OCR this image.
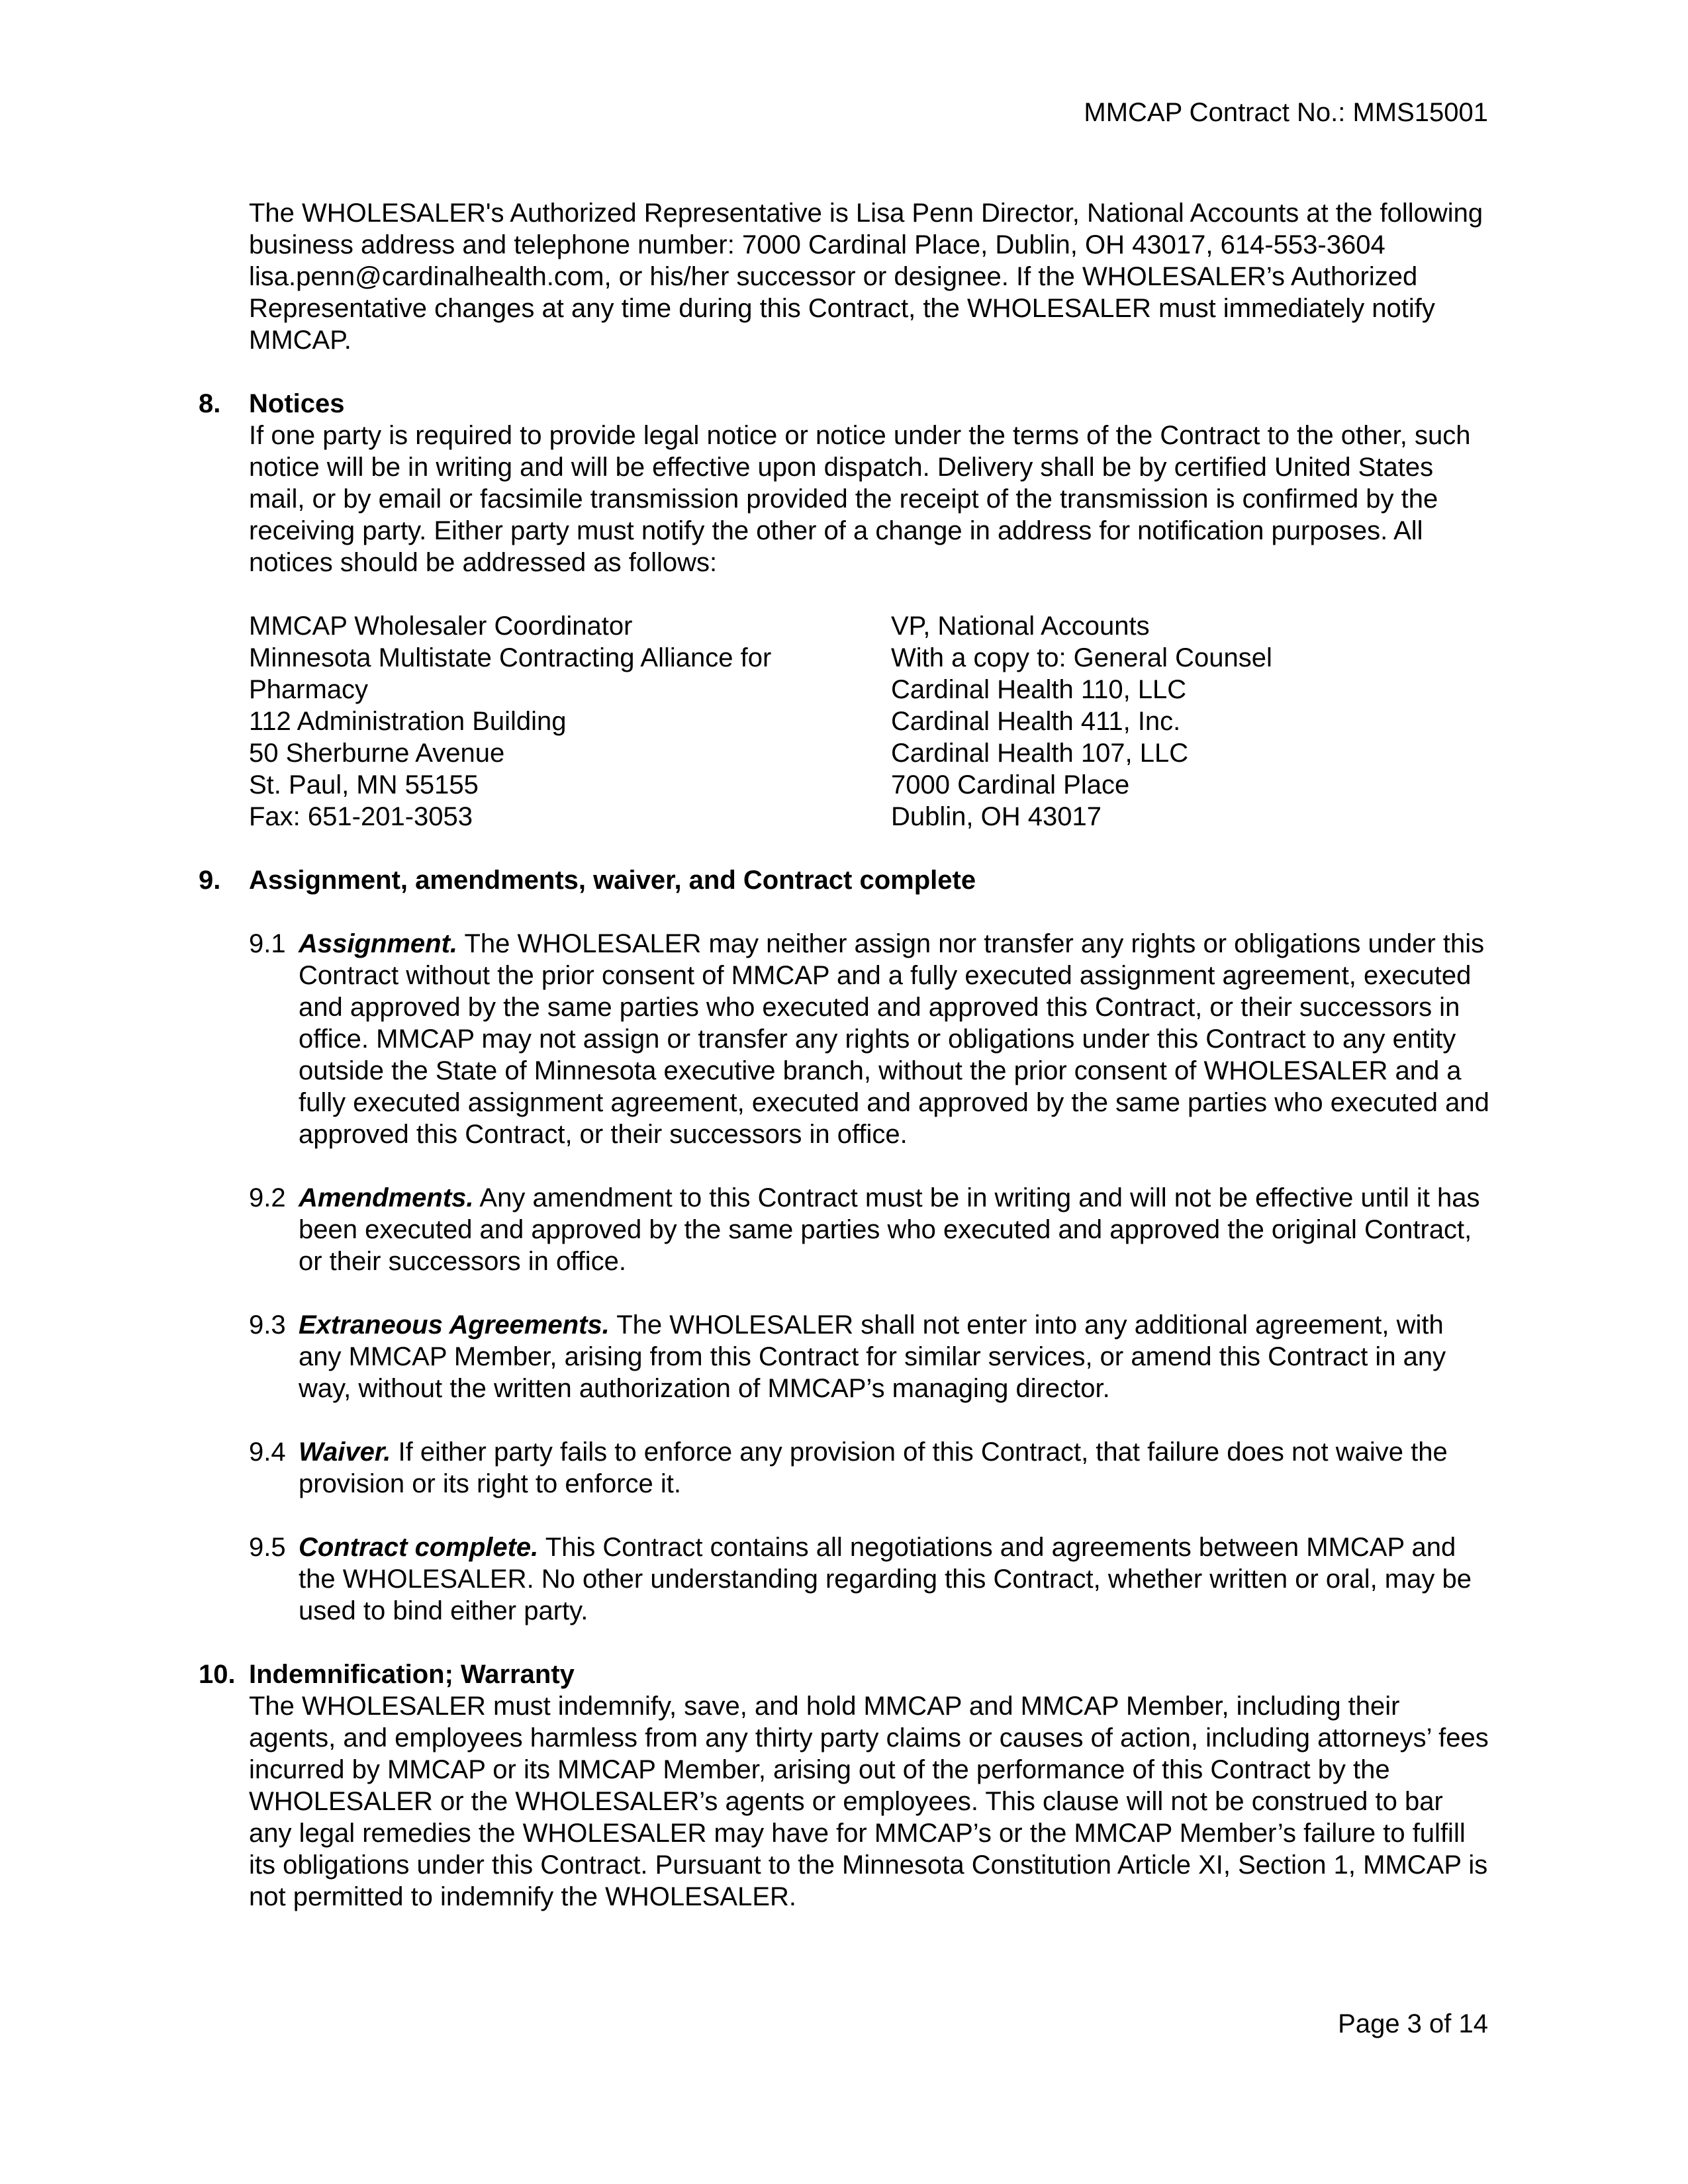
MMCAP Contract No.: MMS15001

The WHOLESALER's Authorized Representative is Lisa Penn Director, National Accounts at the following business address and telephone number: 7000 Cardinal Place, Dublin, OH 43017, 614-553-3604 lisa.penn@cardinalhealth.com, or his/her successor or designee. If the WHOLESALER’s Authorized Representative changes at any time during this Contract, the WHOLESALER must immediately notify MMCAP.

8.	Notices

If one party is required to provide legal notice or notice under the terms of the Contract to the other, such notice will be in writing and will be effective upon dispatch. Delivery shall be by certified United States mail, or by email or facsimile transmission provided the receipt of the transmission is confirmed by the receiving party. Either party must notify the other of a change in address for notification purposes. All notices should be addressed as follows:

MMCAP Wholesaler Coordinator
Minnesota Multistate Contracting Alliance for
Pharmacy
112 Administration Building
50 Sherburne Avenue
St. Paul, MN 55155
Fax: 651-201-3053
VP, National Accounts
With a copy to: General Counsel
Cardinal Health 110, LLC
Cardinal Health 411, Inc.
Cardinal Health 107, LLC
7000 Cardinal Place
Dublin, OH 43017
9.	Assignment, amendments, waiver, and Contract complete

9.1 Assignment. The WHOLESALER may neither assign nor transfer any rights or obligations under this Contract without the prior consent of MMCAP and a fully executed assignment agreement, executed and approved by the same parties who executed and approved this Contract, or their successors in office. MMCAP may not assign or transfer any rights or obligations under this Contract to any entity outside the State of Minnesota executive branch, without the prior consent of WHOLESALER and a fully executed assignment agreement, executed and approved by the same parties who executed and approved this Contract, or their successors in office.

9.2 Amendments. Any amendment to this Contract must be in writing and will not be effective until it has been executed and approved by the same parties who executed and approved the original Contract, or their successors in office.

9.3 Extraneous Agreements. The WHOLESALER shall not enter into any additional agreement, with any MMCAP Member, arising from this Contract for similar services, or amend this Contract in any way, without the written authorization of MMCAP’s managing director.

9.4 Waiver. If either party fails to enforce any provision of this Contract, that failure does not waive the provision or its right to enforce it.

9.5 Contract complete. This Contract contains all negotiations and agreements between MMCAP and the WHOLESALER. No other understanding regarding this Contract, whether written or oral, may be used to bind either party.

10. Indemnification; Warranty

The WHOLESALER must indemnify, save, and hold MMCAP and MMCAP Member, including their agents, and employees harmless from any thirty party claims or causes of action, including attorneys’ fees incurred by MMCAP or its MMCAP Member, arising out of the performance of this Contract by the WHOLESALER or the WHOLESALER’s agents or employees. This clause will not be construed to bar any legal remedies the WHOLESALER may have for MMCAP’s or the MMCAP Member’s failure to fulfill its obligations under this Contract. Pursuant to the Minnesota Constitution Article XI, Section 1, MMCAP is not permitted to indemnify the WHOLESALER.

Page 3 of 14
